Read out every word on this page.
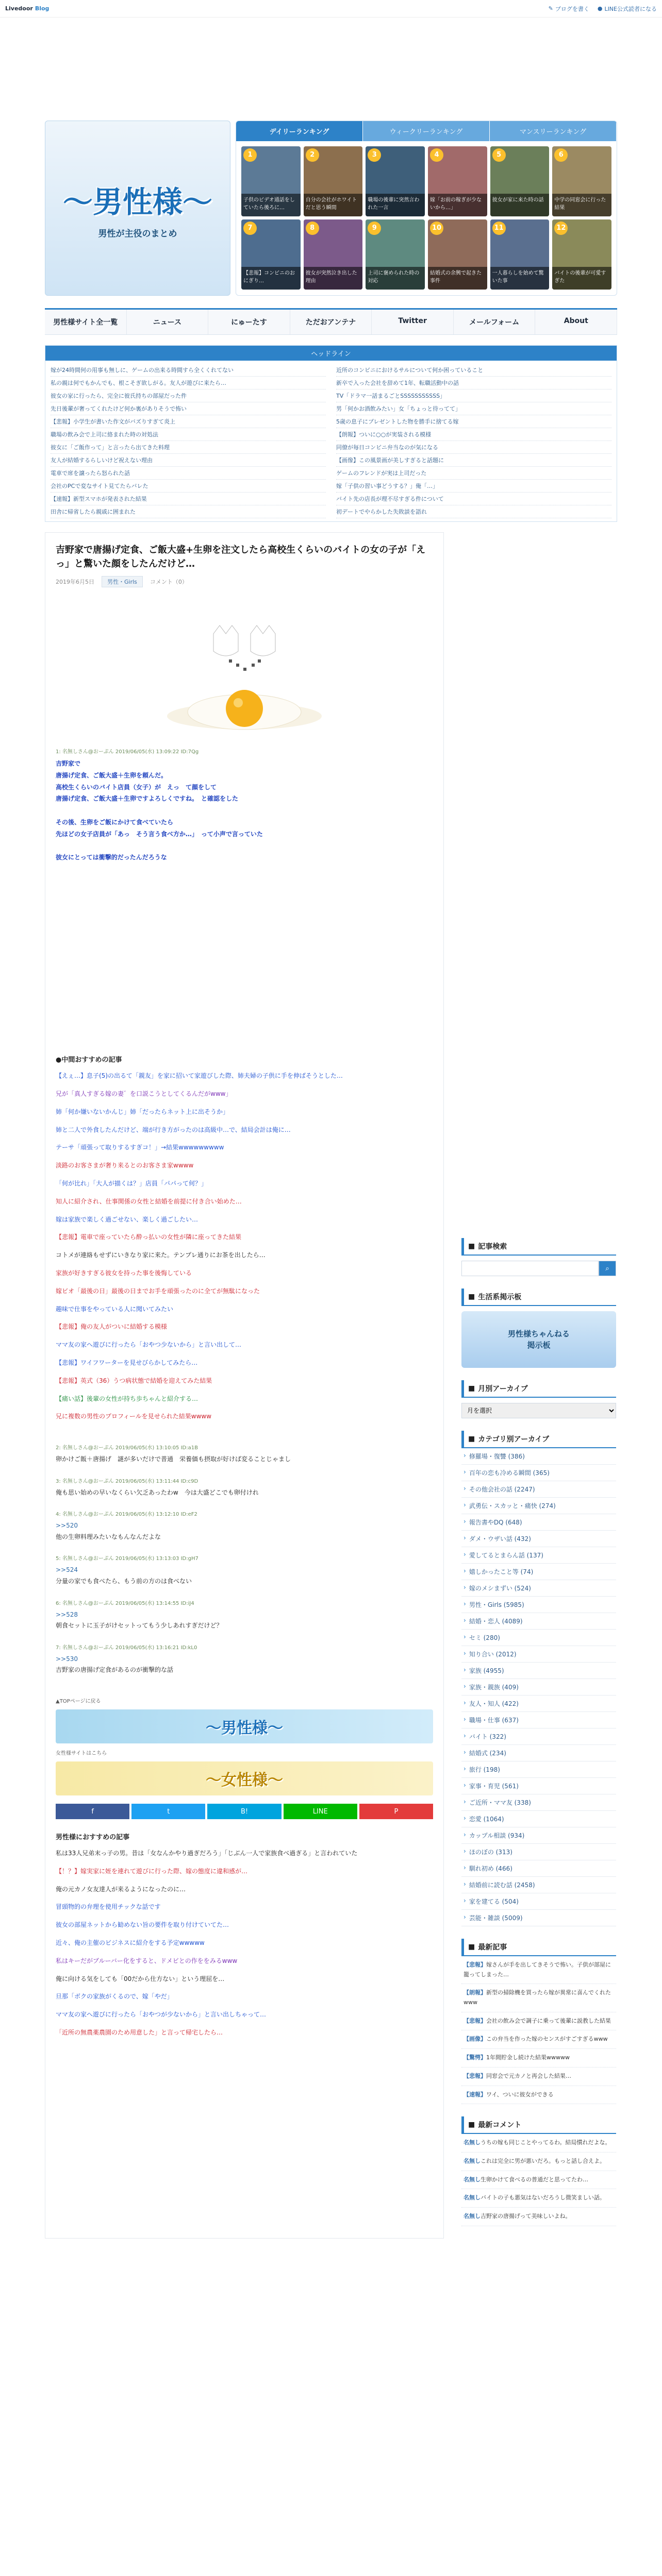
Livedoor Blog	✎ ブログを書く ● LINE公式読者になる
〜男性様〜
男性が主役のまとめ
デイリーランキング	ウィークリーランキング	マンスリーランキング
1
子供のビデオ通話をしていたら後ろに…
2
自分の会社がホワイトだと思う瞬間
3
職場の後輩に突然言われた一言
4
嫁「お前の稼ぎが少ないから…」
5
彼女が家に来た時の話
6
中学の同窓会に行った結果
7
【悲報】コンビニのおにぎり…
8
彼女が突然泣き出した理由
9
上司に褒められた時の対応
10
結婚式の余興で起きた事件
11
一人暮らしを始めて驚いた事
12
バイトの後輩が可愛すぎた
男性様サイト全一覧	ニュース	にゅーたす	ただおアンテナ	Twitter	メールフォーム	About
ヘッドライン
嫁が24時間何の用事も無しに、ゲームの出来る時間すら全くくれてない	近所のコンビニにおけるサルについて何か困っていること
私の親は何でもかんでも、根こそぎ欲しがる。友人が遊びに来たら…	新卒で入った会社を辞めて1年、転職活動中の話
彼女の家に行ったら、完全に彼氏持ちの部屋だった件	TV「ドラマ一話まるごとSSSSSSSSSSS」
先日後輩が奢ってくれたけど何か裏がありそうで怖い	男「何かお酒飲みたい」女「ちょっと待ってて」
【悲報】小学生が書いた作文がバズりすぎて炎上	5歳の息子にプレゼントした物を勝手に捨てる嫁
職場の飲み会で上司に絡まれた時の対処法	【朗報】ついに○○が実装される模様
彼女に「ご飯作って」と言ったら出てきた料理	同僚が毎日コンビニ弁当なのが気になる
友人が結婚するらしいけど祝えない理由	【画像】この風景画が美しすぎると話題に
電車で席を譲ったら怒られた話	ゲームのフレンドが実は上司だった
会社のPCで変なサイト見てたらバレた	嫁「子供の習い事どうする？」俺「…」
【速報】新型スマホが発表された結果	バイト先の店長が理不尽すぎる件について
田舎に帰省したら親戚に囲まれた	初デートでやらかした失敗談を語れ
吉野家で唐揚げ定食、ご飯大盛+生卵を注文したら高校生くらいのバイトの女の子が「えっ」と驚いた顔をしたんだけど…
2019年6月5日	男性・Girls	コメント（0）
1: 名無しさん@おーぷん 2019/06/05(水) 13:09:22 ID:7Qg
吉野家で
唐揚げ定食、ご飯大盛＋生卵を頼んだ。
高校生くらいのバイト店員（女子）が　えっ　て顔をして
唐揚げ定食、ご飯大盛＋生卵ですよろしくですね。　と確認をした

その後、生卵をご飯にかけて食べていたら
先ほどの女子店員が「あっ　そう言う食べ方か…」　って小声で言っていた

彼女にとっては衝撃的だったんだろうな
●中間おすすめの記事
【えぇ…】息子(5)の出るて「親友」を家に招いて家遊びした際、姉夫婦の子供に手を伸ばそうとした…
兄が「真人すぎる嫁の妻゛を口説こうとしてくるんだがwww」
姉「何か嫌いないかんじ」姉「だったらネット上に出そうか」
姉と二人で外食したんだけど、端が行き方がったのは高級中…で、結局会計は俺に…
テーサ「頑張って取りするすぎコ！」→結果wwwwwwwww
淡路のお客さまが奢り来るとのお客さま家wwww
「何が比れ」「大人が描くは？」店員「パパって何？」
知人に紹介され、仕事関係の女性と結婚を前提に付き合い始めた…
嫁は家族で楽しく過ごせない、楽しく過ごしたい…
【悲報】電車で座っていたら酔っ払いの女性が隣に座ってきた結果
コトメが連絡もせずにいきなり家に来た。テンプレ通りにお茶を出したら…
家族が好きすぎる彼女を持った事を後悔している
嫁ビオ「最後の日」最後の日までお手を頑張ったのに全てが無駄になった
趣味で仕事をやっている人に聞いてみたい
【悲報】俺の友人がついに結婚する模様
ママ友の家へ遊びに行ったら「おやつ少ないから」と言い出して…
【悲報】ワイフワーターを見せびらかしてみたら…
【悲報】英式（36）うつ病状態で結婚を迎えてみた結果
【痛い話】後輩の女性が持ち歩ちゃんと紹介する…
兄に複数の男性のプロフィールを見せられた結果wwww
2: 名無しさん@おーぷん 2019/06/05(水) 13:10:05 ID:a1B
卵かけご飯＋唐揚げ　謎が多いだけで普通　栄養価も摂取が好けば変ることじゃまし
3: 名無しさん@おーぷん 2019/06/05(水) 13:11:44 ID:c9D
俺も思い始めの早いなくらい欠乏あったわw　今は大盛どこでも卵付けれ
4: 名無しさん@おーぷん 2019/06/05(水) 13:12:10 ID:eF2
>>520
他の生卵料理みたいなもんなんだよな
5: 名無しさん@おーぷん 2019/06/05(水) 13:13:03 ID:gH7
>>524
分量の家でも食べたら、もう前の方のは食べない
6: 名無しさん@おーぷん 2019/06/05(水) 13:14:55 ID:iJ4
>>528
朝食セットに玉子がけセットってもう少しあれすぎだけど？
7: 名無しさん@おーぷん 2019/06/05(水) 13:16:21 ID:kL0
>>530
吉野家の唐揚げ定食があるのが衝撃的な話
▲TOPページに戻る
〜男性様〜
女性様サイトはこちら
〜女性様〜
f	t	B!	LINE	P
男性様におすすめの記事
私は33人兄弟末っ子の男。昔は「女なんかやり過ぎだろう」「じぶん一人で家族食べ過ぎる」と言われていた
【！？】嫁実家に姪を連れて遊びに行った際、嫁の態度に違和感が…
俺の元カノ女友達人が来るようになったのに…
冒頭物的の弁理を使用チックな話です
彼女の部屋ネットから勧めない旨の要件を取り付けていてた…
近々、俺の主催のビジネスに紹介をする予定wwwww
私はキーだがブルーバー化をすると、ドメビとの作ををみるwww
俺に向ける気をしても「00だから仕方ない」という理屈を…
旦那「ボクの家族がくるので、嫁「やだ」
ママ友の家へ遊びに行ったら「おやつが少ないから」と言い出しちゃって…
「近所の無農薬農園のため用意した」と言って帰宅したら…
■ 記事検索
⌕
■ 生活系掲示板
男性様ちゃんねる
掲示板
■ 月別アーカイブ
月を選択
■ カテゴリ別アーカイブ
› 修羅場・復讐 (386)
› 百年の恋も冷める瞬間 (365)
› その他会社の話 (2247)
› 武勇伝・スカッと・痛快 (274)
› 報告書やDQ (648)
› ダメ・ウザい話 (432)
› 愛してるとまらん話 (137)
› 嬉しかったこと等 (74)
› 嫁のメシまずい (524)
› 男性・Girls (5985)
› 結婚・恋人 (4089)
› セミ (280)
› 知り合い (2012)
› 家族 (4955)
› 家族・親族 (409)
› 友人・知人 (422)
› 職場・仕事 (637)
› バイト (322)
› 結婚式 (234)
› 旅行 (198)
› 家事・育児 (561)
› ご近所・ママ友 (338)
› 恋愛 (1064)
› カップル相談 (934)
› ほのぼの (313)
› 馴れ初め (466)
› 結婚前に読む話 (2458)
› 家を建てる (504)
› 芸能・雑談 (5009)
■ 最新記事
【悲報】嫁さんが手を出してきそうで怖い。子供が部屋に籠ってしまった…
【朗報】新型の掃除機を買ったら嫁が異常に喜んでくれたwww
【悲報】会社の飲み会で調子に乗って後輩に説教した結果
【画像】この弁当を作った嫁のセンスがすごすぎるwww
【驚愕】1年間貯金し続けた結果wwwww
【悲報】同窓会で元カノと再会した結果…
【速報】ワイ、ついに彼女ができる
■ 最新コメント
名無しうちの嫁も同じことやってるわ。結局慣れだよな。
名無しこれは完全に男が悪いだろ。もっと話し合えよ。
名無し生卵かけて食べるの普通だと思ってたわ…
名無しバイトの子も悪気はないだろうし微笑ましい話。
名無し吉野家の唐揚げって美味しいよね。
